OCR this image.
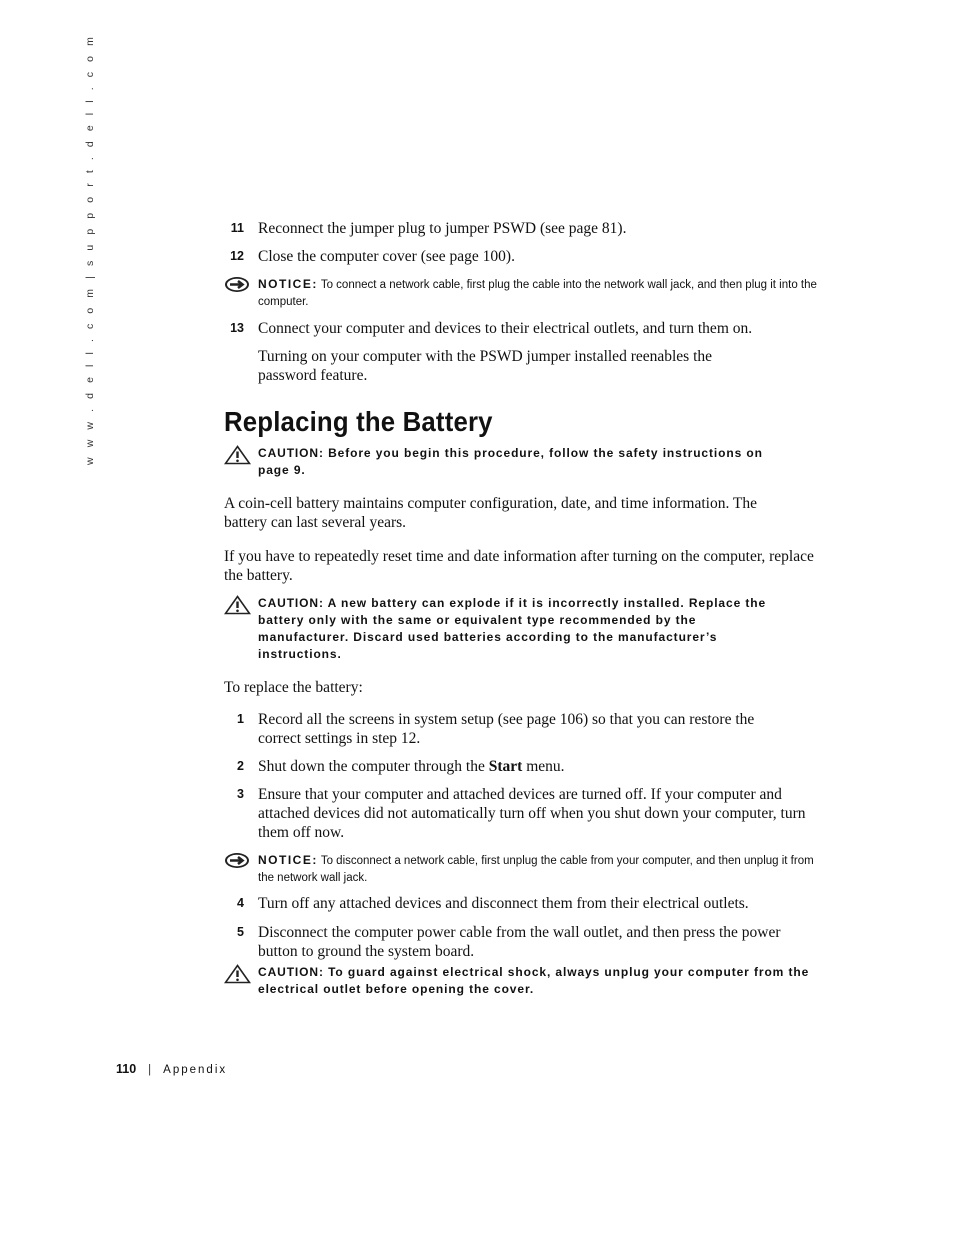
w w w . d e l l . c o m | s u p p o r t . d e l l . c o m	11 Reconnect the jumper plug to jumper PSWD (see page 81).
12 Close the computer cover (see page 100).
NOTICE: To connect a network cable, first plug the cable into the network wall jack, and then plug it into the computer.
13 Connect your computer and devices to their electrical outlets, and turn them on.
Turning on your computer with the PSWD jumper installed reenables the password feature.
Replacing the Battery
CAUTION: Before you begin this procedure, follow the safety instructions on page 9.
A coin-cell battery maintains computer configuration, date, and time information. The battery can last several years.
If you have to repeatedly reset time and date information after turning on the computer, replace the battery.
CAUTION: A new battery can explode if it is incorrectly installed. Replace the battery only with the same or equivalent type recommended by the manufacturer. Discard used batteries according to the manufacturer’s instructions.
To replace the battery:
1 Record all the screens in system setup (see page 106) so that you can restore the correct settings in step 12.
2 Shut down the computer through the Start menu.
3 Ensure that your computer and attached devices are turned off. If your computer and attached devices did not automatically turn off when you shut down your computer, turn them off now.
NOTICE: To disconnect a network cable, first unplug the cable from your computer, and then unplug it from the network wall jack.
4 Turn off any attached devices and disconnect them from their electrical outlets.
5 Disconnect the computer power cable from the wall outlet, and then press the power button to ground the system board.
CAUTION: To guard against electrical shock, always unplug your computer from the electrical outlet before opening the cover.
110 | Appendix
